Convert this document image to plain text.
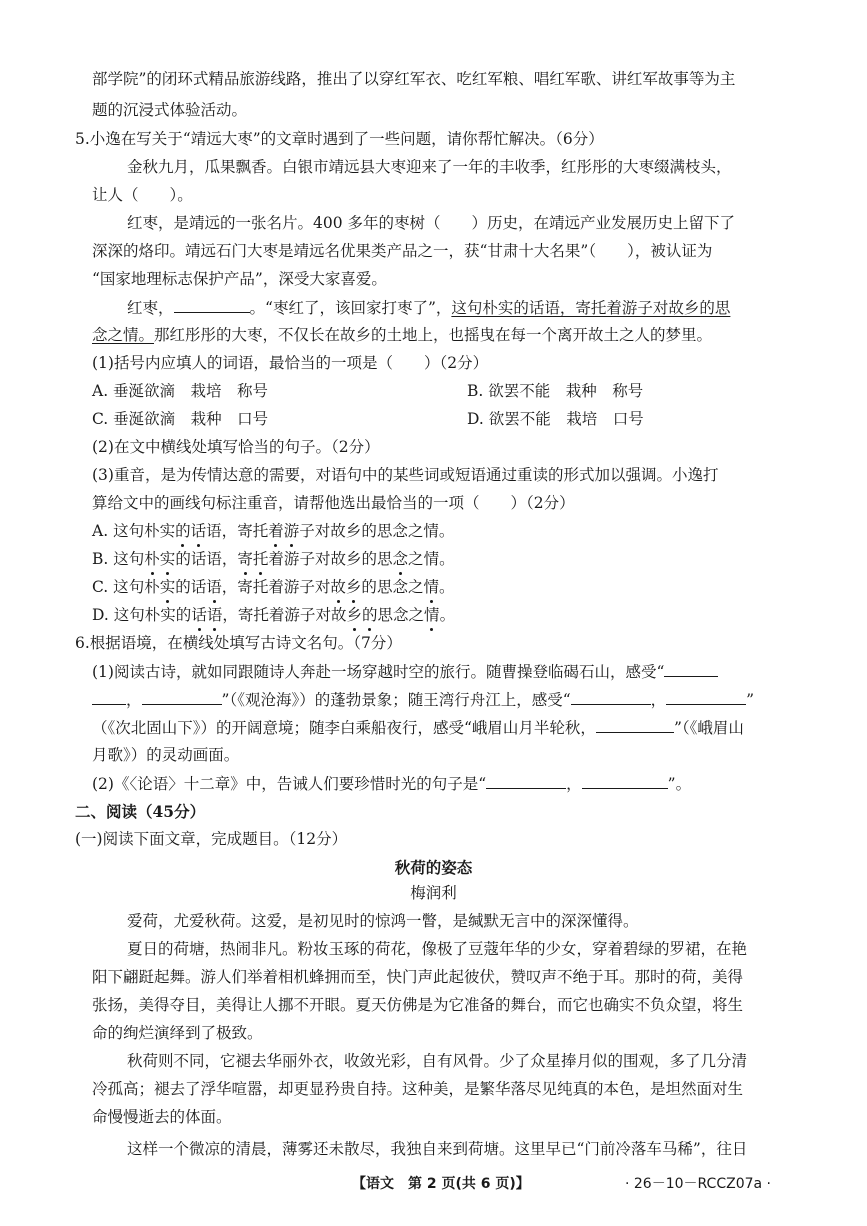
部学院”的闭环式精品旅游线路，推出了以穿红军衣、吃红军粮、唱红军歌、讲红军故事等为主
题的沉浸式体验活动。
5.小逸在写关于“靖远大枣”的文章时遇到了一些问题，请你帮忙解决。（6分）
金秋九月，瓜果飘香。白银市靖远县大枣迎来了一年的丰收季，红彤彤的大枣缀满枝头，
让人（　　）。
红枣，是靖远的一张名片。400 多年的枣树（　　）历史，在靖远产业发展历史上留下了
深深的烙印。靖远石门大枣是靖远名优果类产品之一，获“甘肃十大名果”（　　），被认证为
“国家地理标志保护产品”，深受大家喜爱。
红枣，	。“枣红了，该回家打枣了”，这句朴实的话语，寄托着游子对故乡的思
念之情。那红彤彤的大枣，不仅长在故乡的土地上，也摇曳在每一个离开故土之人的梦里。
(1)括号内应填人的词语，最恰当的一项是（　　）（2分）
A. 垂涎欲滴　栽培　称号	B. 欲罢不能　栽种　称号
C. 垂涎欲滴　栽种　口号	D. 欲罢不能　栽培　口号
(2)在文中横线处填写恰当的句子。（2分）
(3)重音，是为传情达意的需要，对语句中的某些词或短语通过重读的形式加以强调。小逸打
算给文中的画线句标注重音，请帮他选出最恰当的一项（　　）（2分）
A. 这句朴实的话语，寄托着游子对故乡的思念之情。
B. 这句朴实的话语，寄托着游子对故乡的思念之情。
C. 这句朴实的话语，寄托着游子对故乡的思念之情。
D. 这句朴实的话语，寄托着游子对故乡的思念之情。
6.根据语境，在横线处填写古诗文名句。（7分）
(1)阅读古诗，就如同跟随诗人奔赴一场穿越时空的旅行。随曹操登临碣石山，感受“
，	”（《观沧海》）的蓬勃景象；随王湾行舟江上，感受“	，	”
（《次北固山下》）的开阔意境；随李白乘船夜行，感受“峨眉山月半轮秋，	”（《峨眉山
月歌》）的灵动画面。
(2)《〈论语〉十二章》中，告诫人们要珍惜时光的句子是“	，	”。
二、阅读（45分）
(一)阅读下面文章，完成题目。（12分）
秋荷的姿态
梅润利
爱荷，尤爱秋荷。这爱，是初见时的惊鸿一瞥，是缄默无言中的深深懂得。
夏日的荷塘，热闹非凡。粉妆玉琢的荷花，像极了豆蔻年华的少女，穿着碧绿的罗裙，在艳
阳下翩跹起舞。游人们举着相机蜂拥而至，快门声此起彼伏，赞叹声不绝于耳。那时的荷，美得
张扬，美得夺目，美得让人挪不开眼。夏天仿佛是为它准备的舞台，而它也确实不负众望，将生
命的绚烂演绎到了极致。
秋荷则不同，它褪去华丽外衣，收敛光彩，自有风骨。少了众星捧月似的围观，多了几分清
冷孤高；褪去了浮华喧嚣，却更显矜贵自持。这种美，是繁华落尽见纯真的本色，是坦然面对生
命慢慢逝去的体面。
这样一个微凉的清晨，薄雾还未散尽，我独自来到荷塘。这里早已“门前冷落车马稀”，往日
【语文　第 2 页(共 6 页)】	· 26－10－RCCZ07a ·
